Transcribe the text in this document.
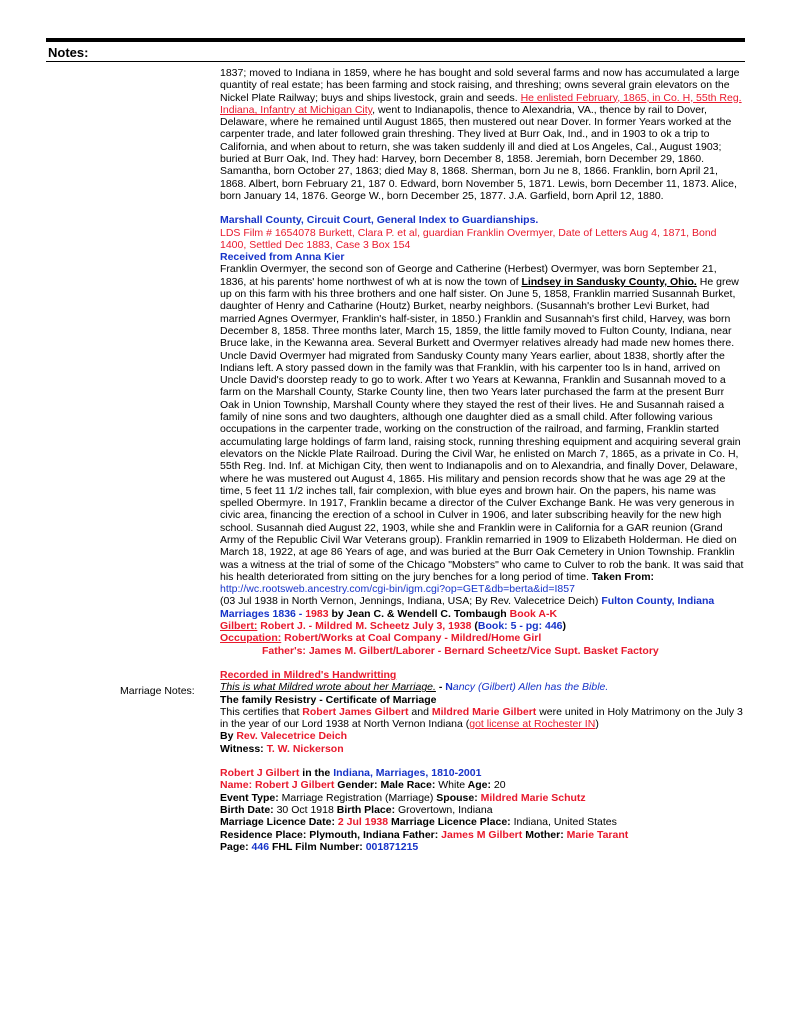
Notes:
Marriage Notes:

1837; moved to Indiana in 1859, where he has bought and sold several farms and now has accumulated a large quantity of real estate; has been farming and stock raising, and threshing; owns several grain elevators on the Nickel Plate Railway; buys and ships livestock, grain and seeds. He enlisted February, 1865, in Co. H, 55th Reg. Indiana, Infantry at Michigan City, went to Indianapolis, thence to Alexandria, VA., thence by rail to Dover, Delaware, where he remained until August 1865, then mustered out near Dover. In former Years worked at the carpenter trade, and later followed grain threshing. They lived at Burr Oak, Ind., and in 1903 to ok a trip to California, and when about to return, she was taken suddenly ill and died at Los Angeles, Cal., August 1903; buried at Burr Oak, Ind. They had: Harvey, born December 8, 1858. Jeremiah, born December 29, 1860. Samantha, born October 27, 1863; died May 8, 1868. Sherman, born Ju ne 8, 1866. Franklin, born April 21, 1868. Albert, born February 21, 187 0. Edward, born November 5, 1871. Lewis, born December 11, 1873. Alice, born January 14, 1876. George W., born December 25, 1877. J.A. Garfield, born April 12, 1880.

Marshall County, Circuit Court, General Index to Guardianships.

LDS Film # 1654078 Burkett, Clara P. et al, guardian Franklin Overmyer, Date of Letters Aug 4, 1871, Bond 1400, Settled Dec 1883, Case 3 Box 154

Received from Anna Kier

Franklin Overmyer, the second son of George and Catherine (Herbest) Overmyer, was born September 21, 1836, at his parents' home northwest of wh at is now the town of Lindsey in Sandusky County, Ohio. He grew up on this farm with his three brothers and one half sister. On June 5, 1858, Franklin married Susannah Burket, daughter of Henry and Catharine (Houtz) Burket, nearby neighbors. (Susannah's brother Levi Burket, had married Agnes Overmyer, Franklin's half-sister, in 1850.) Franklin and Susannah's first child, Harvey, was born December 8, 1858. Three months later, March 15, 1859, the little family moved to Fulton County, Indiana, near Bruce lake, in the Kewanna area. Several Burkett and Overmyer relatives already had made new homes there. Uncle David Overmyer had migrated from Sandusky County many Years earlier, about 1838, shortly after the Indians left. A story passed down in the family was that Franklin, with his carpenter too ls in hand, arrived on Uncle David's doorstep ready to go to work. After t wo Years at Kewanna, Franklin and Susannah moved to a farm on the Marshall County, Starke County line, then two Years later purchased the farm at the present Burr Oak in Union Township, Marshall County where they stayed the rest of their lives. He and Susannah raised a family of nine sons and two daughters, although one daughter died as a small child. After following various occupations in the carpenter trade, working on the construction of the railroad, and farming, Franklin started accumulating large holdings of farm land, raising stock, running threshing equipment and acquiring several grain elevators on the Nickle Plate Railroad. During the Civil War, he enlisted on March 7, 1865, as a private in Co. H, 55th Reg. Ind. Inf. at Michigan City, then went to Indianapolis and on to Alexandria, and finally Dover, Delaware, where he was mustered out August 4, 1865. His military and pension records show that he was age 29 at the time, 5 feet 11 1/2 inches tall, fair complexion, with blue eyes and brown hair. On the papers, his name was spelled Obermyre. In 1917, Franklin became a director of the Culver Exchange Bank. He was very generous in civic area, financing the erection of a school in Culver in 1906, and later subscribing heavily for the new high school. Susannah died August 22, 1903, while she and Franklin were in California for a GAR reunion (Grand Army of the Republic Civil War Veterans group). Franklin remarried in 1909 to Elizabeth Holderman. He died on March 18, 1922, at age 86 Years of age, and was buried at the Burr Oak Cemetery in Union Township. Franklin was a witness at the trial of some of the Chicago "Mobsters" who came to Culver to rob the bank. It was said that his health deteriorated from sitting on the jury benches for a long period of time. Taken From:

http://wc.rootsweb.ancestry.com/cgi-bin/igm.cgi?op=GET&db=berta&id=I857

(03 Jul 1938 in North Vernon, Jennings, Indiana, USA; By Rev. Valecetrice Deich) Fulton County, Indiana Marriages 1836 - 1983 by Jean C. & Wendell C. Tombaugh Book A-K

Gilbert: Robert J. - Mildred M. Scheetz July 3, 1938 (Book: 5 - pg: 446)

Occupation: Robert/Works at Coal Company - Mildred/Home Girl

Father's: James M. Gilbert/Laborer - Bernard Scheetz/Vice Supt. Basket Factory

Recorded in Mildred's Handwritting

This is what Mildred wrote about her Marriage. - Nancy (Gilbert) Allen has the Bible.

The family Resistry - Certificate of Marriage

This certifies that Robert James Gilbert and Mildred Marie Gilbert were united in Holy Matrimony on the July 3 in the year of our Lord 1938 at North Vernon Indiana (got license at Rochester IN)

By Rev. Valecetrice Deich

Witness: T. W. Nickerson

Robert J Gilbert in the Indiana, Marriages, 1810-2001

Name: Robert J Gilbert Gender: Male Race: White Age: 20

Event Type: Marriage Registration (Marriage) Spouse: Mildred Marie Schutz

Birth Date: 30 Oct 1918 Birth Place: Grovertown, Indiana

Marriage Licence Date: 2 Jul 1938 Marriage Licence Place: Indiana, United States

Residence Place: Plymouth, Indiana Father: James M Gilbert Mother: Marie Tarant

Page: 446 FHL Film Number: 001871215
